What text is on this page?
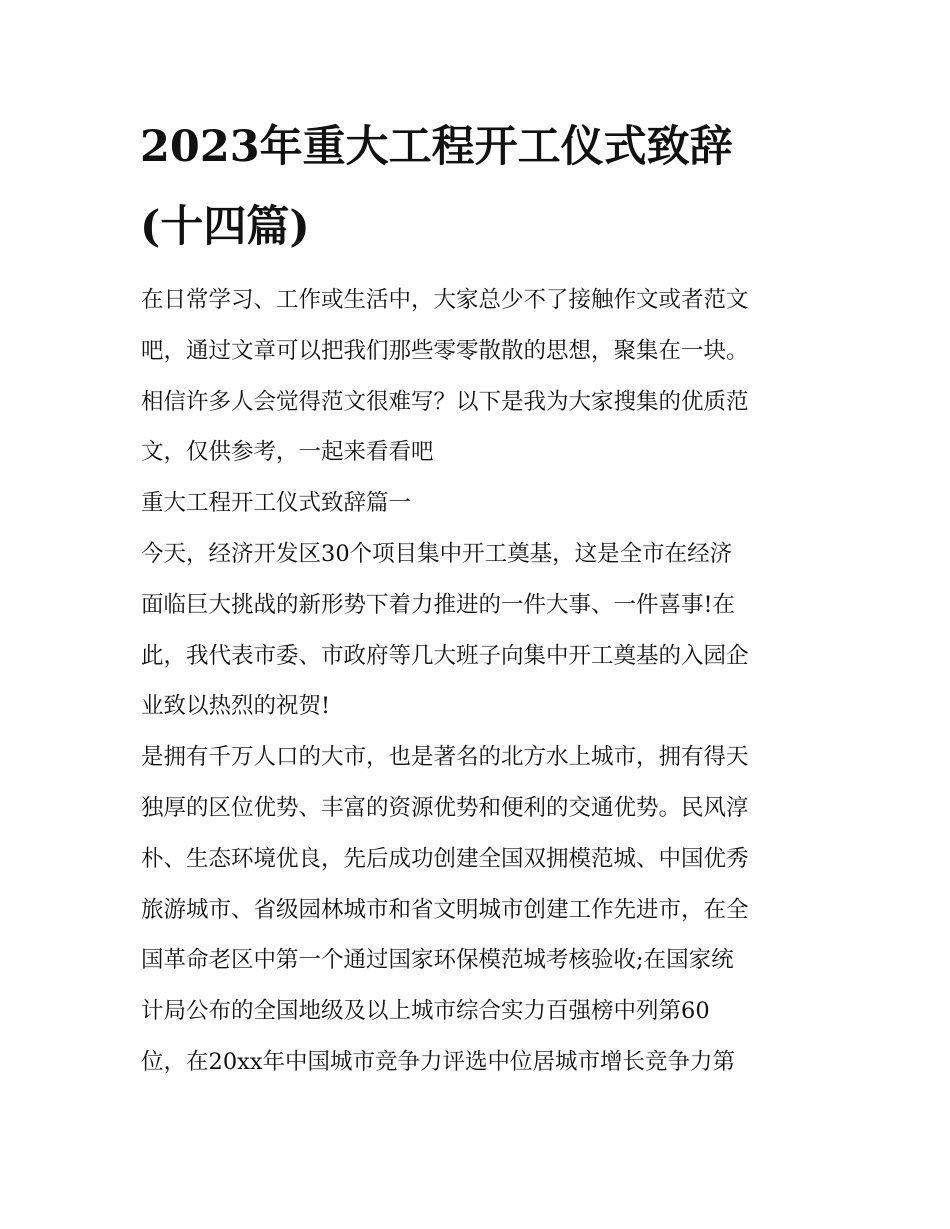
2023年重大工程开工仪式致辞
(十四篇)

在日常学习、工作或生活中，大家总少不了接触作文或者范文

吧，通过文章可以把我们那些零零散散的思想，聚集在一块。

相信许多人会觉得范文很难写？以下是我为大家搜集的优质范

文，仅供参考，一起来看看吧

重大工程开工仪式致辞篇一

今天，经济开发区30个项目集中开工奠基，这是全市在经济

面临巨大挑战的新形势下着力推进的一件大事、一件喜事!在

此，我代表市委、市政府等几大班子向集中开工奠基的入园企

业致以热烈的祝贺!

是拥有千万人口的大市，也是著名的北方水上城市，拥有得天

独厚的区位优势、丰富的资源优势和便利的交通优势。民风淳

朴、生态环境优良，先后成功创建全国双拥模范城、中国优秀

旅游城市、省级园林城市和省文明城市创建工作先进市，在全

国革命老区中第一个通过国家环保模范城考核验收;在国家统

计局公布的全国地级及以上城市综合实力百强榜中列第60

位，在20xx年中国城市竞争力评选中位居城市增长竞争力第
